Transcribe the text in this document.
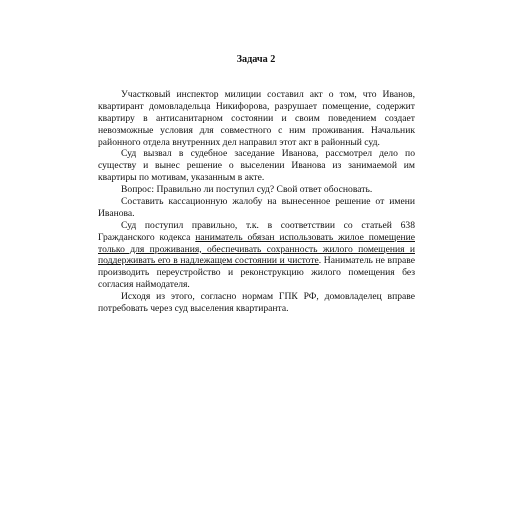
Задача 2

Участковый инспектор милиции составил акт о том, что Иванов, квартирант домовладельца Никифорова, разрушает помещение, содержит квартиру в антисанитарном состоянии и своим поведением создает невозможные условия для совместного с ним проживания. Начальник районного отдела внутренних дел направил этот акт в районный суд.

Суд вызвал в судебное заседание Иванова, рассмотрел дело по существу и вынес решение о выселении Иванова из занимаемой им квартиры по мотивам, указанным в акте.

Вопрос: Правильно ли поступил суд? Свой ответ обосновать.

Составить кассационную жалобу на вынесенное решение от имени Иванова.

Суд поступил правильно, т.к. в соответствии со статьей 638 Гражданского кодекса наниматель обязан использовать жилое помещение только для проживания, обеспечивать сохранность жилого помещения и поддерживать его в надлежащем состоянии и чистоте. Наниматель не вправе производить переустройство и реконструкцию жилого помещения без согласия наймодателя.

Исходя из этого, согласно нормам ГПК РФ, домовладелец вправе потребовать через суд выселения квартиранта.
